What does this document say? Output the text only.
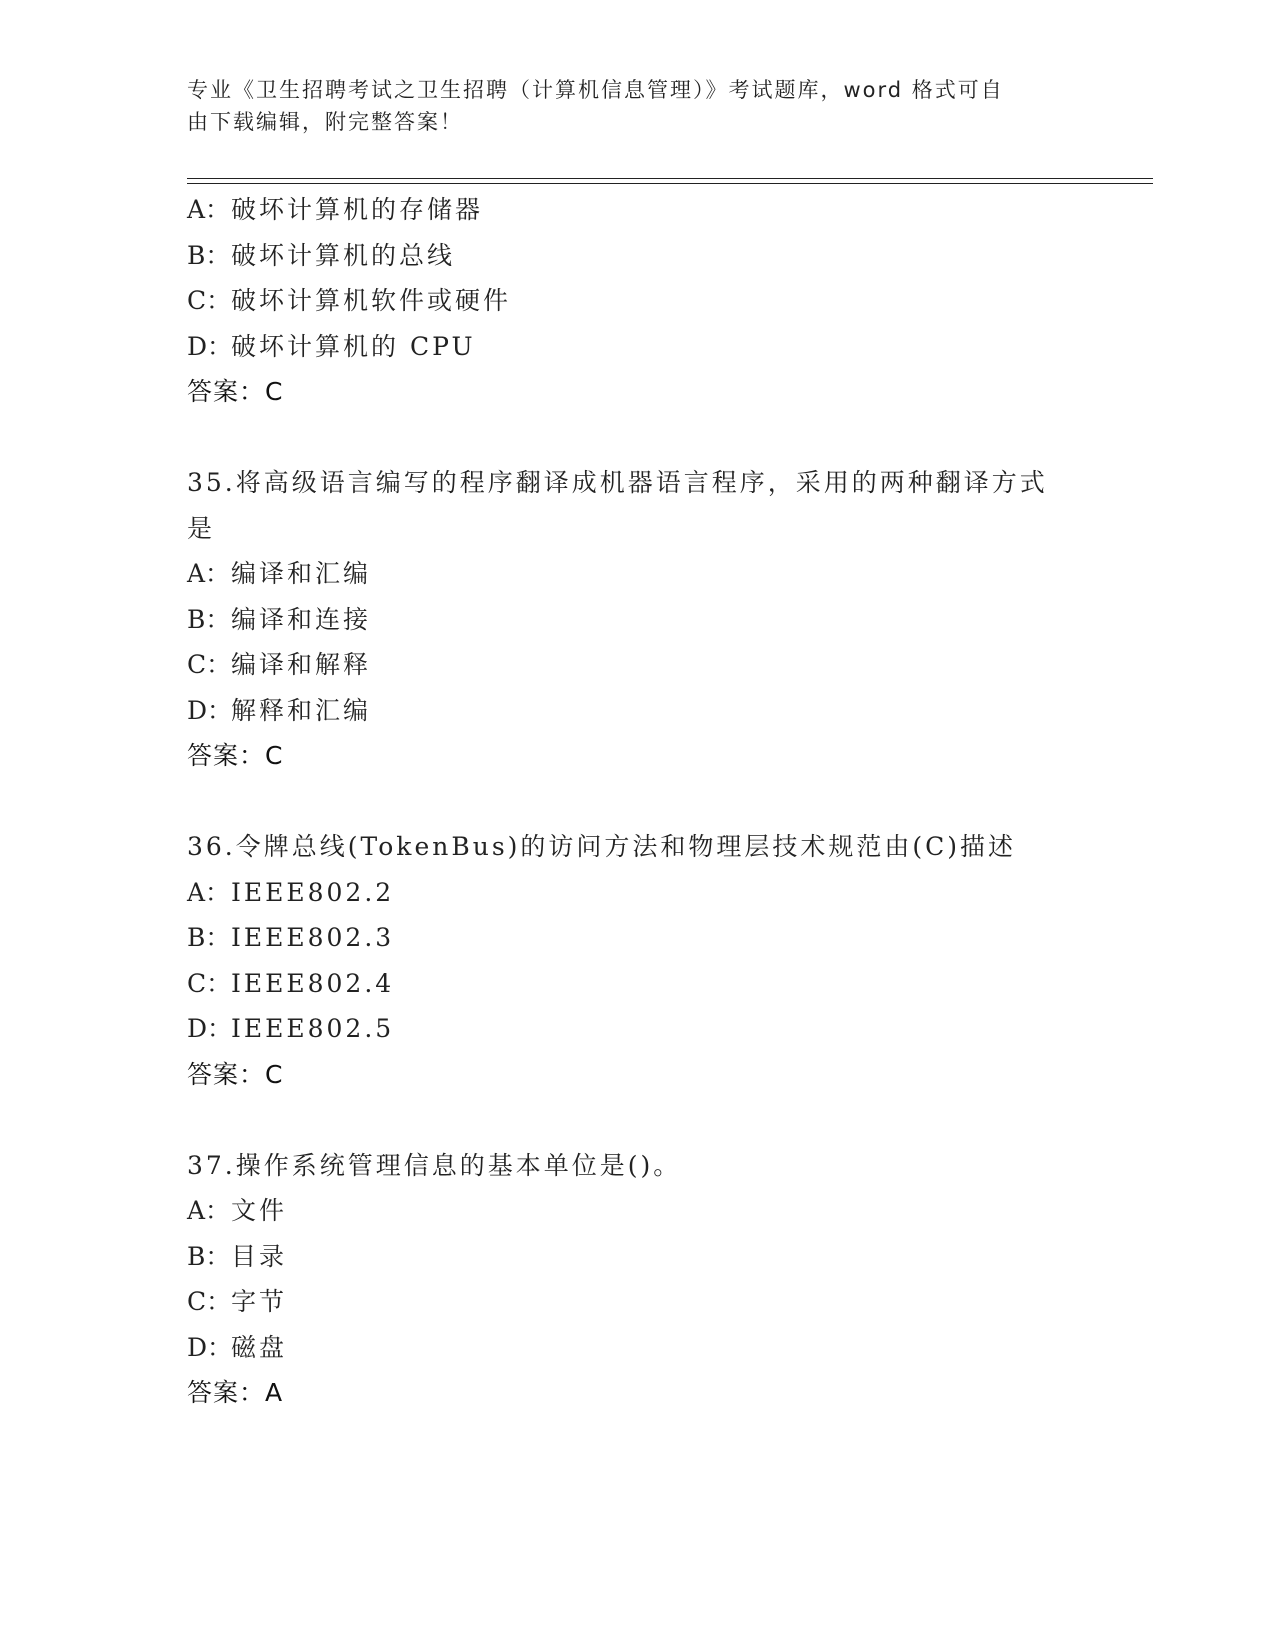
专业《卫生招聘考试之卫生招聘（计算机信息管理）》考试题库，word 格式可自
由下载编辑，附完整答案！
A：破坏计算机的存储器
B：破坏计算机的总线
C：破坏计算机软件或硬件
D：破坏计算机的 CPU
答案：C
35.将高级语言编写的程序翻译成机器语言程序，采用的两种翻译方式
是
A：编译和汇编
B：编译和连接
C：编译和解释
D：解释和汇编
答案：C
36.令牌总线(TokenBus)的访问方法和物理层技术规范由(C)描述
A：IEEE802.2
B：IEEE802.3
C：IEEE802.4
D：IEEE802.5
答案：C
37.操作系统管理信息的基本单位是()。
A：文件
B：目录
C：字节
D：磁盘
答案：A
